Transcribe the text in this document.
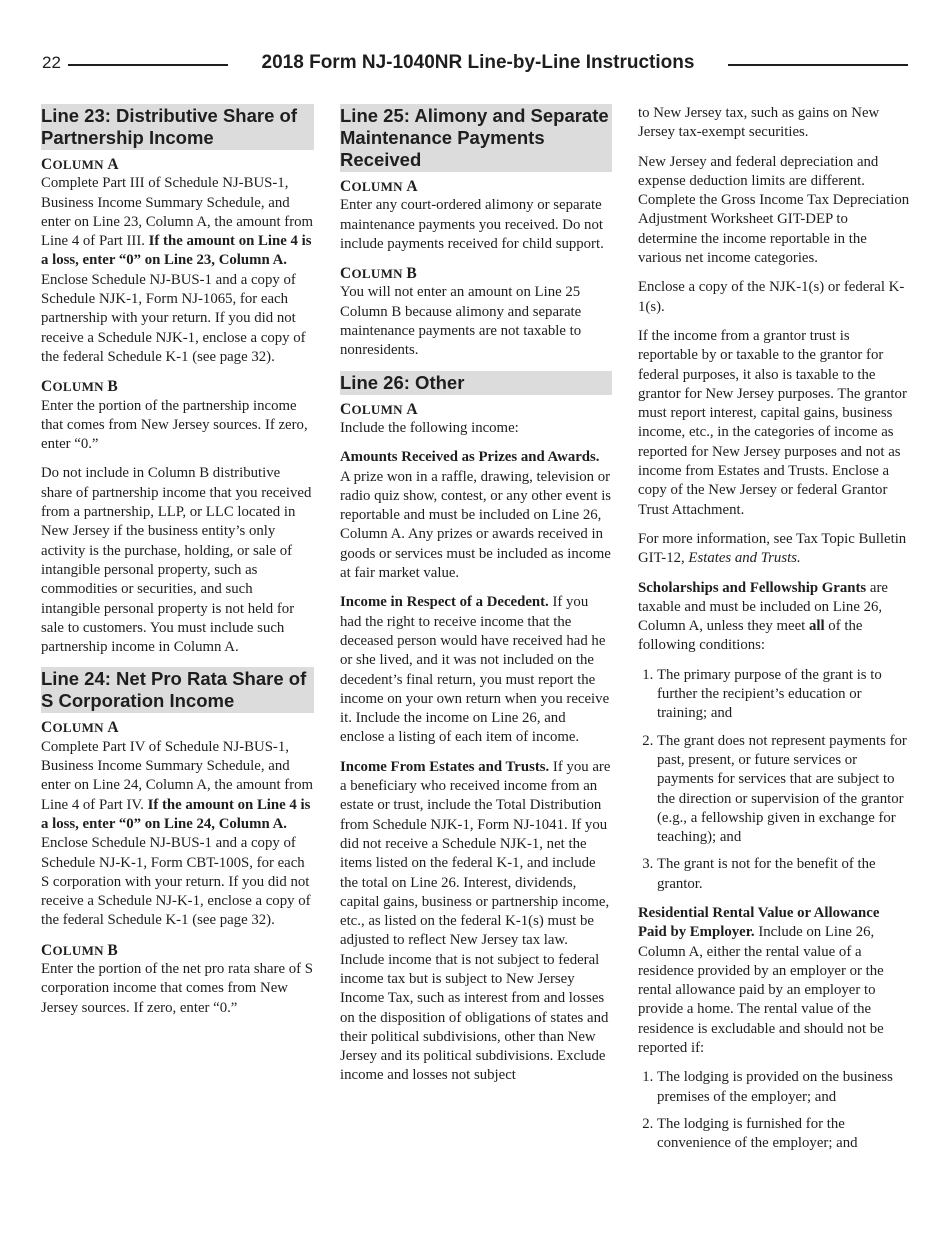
22	2018 Form NJ-1040NR Line-by-Line Instructions
Line 23: Distributive Share of Partnership Income
COLUMN A

Complete Part III of Schedule NJ-BUS-1, Business Income Summary Schedule, and enter on Line 23, Column A, the amount from Line 4 of Part III. If the amount on Line 4 is a loss, enter “0” on Line 23, Column A. Enclose Schedule NJ-BUS-1 and a copy of Schedule NJK-1, Form NJ-1065, for each partnership with your return. If you did not receive a Schedule NJK-1, enclose a copy of the federal Schedule K-1 (see page 32).

COLUMN B

Enter the portion of the partnership income that comes from New Jersey sources. If zero, enter “0.”

Do not include in Column B distributive share of partnership income that you received from a partnership, LLP, or LLC located in New Jersey if the business entity’s only activity is the purchase, holding, or sale of intangible personal property, such as commodities or securities, and such intangible personal property is not held for sale to customers. You must include such partnership income in Column A.

Line 24: Net Pro Rata Share of S Corporation Income
COLUMN A

Complete Part IV of Schedule NJ-BUS-1, Business Income Summary Schedule, and enter on Line 24, Column A, the amount from Line 4 of Part IV. If the amount on Line 4 is a loss, enter “0” on Line 24, Column A. Enclose Schedule NJ-BUS-1 and a copy of Schedule NJ-K-1, Form CBT-100S, for each S corporation with your return. If you did not receive a Schedule NJ-K-1, enclose a copy of the federal Schedule K-1 (see page 32).

COLUMN B

Enter the portion of the net pro rata share of S corporation income that comes from New Jersey sources. If zero, enter “0.”

Line 25: Alimony and Separate Maintenance Payments Received
COLUMN A

Enter any court-ordered alimony or separate maintenance payments you received. Do not include payments received for child support.

COLUMN B

You will not enter an amount on Line 25 Column B because alimony and separate maintenance payments are not taxable to nonresidents.

Line 26: Other
COLUMN A

Include the following income:

Amounts Received as Prizes and Awards. A prize won in a raffle, drawing, television or radio quiz show, contest, or any other event is reportable and must be included on Line 26, Column A. Any prizes or awards received in goods or services must be included as income at fair market value.

Income in Respect of a Decedent. If you had the right to receive income that the deceased person would have received had he or she lived, and it was not included on the decedent’s final return, you must report the income on your own return when you receive it. Include the income on Line 26, and enclose a listing of each item of income.

Income From Estates and Trusts. If you are a beneficiary who received income from an estate or trust, include the Total Distribution from Schedule NJK-1, Form NJ-1041. If you did not receive a Schedule NJK-1, net the items listed on the federal K-1, and include the total on Line 26. Interest, dividends, capital gains, business or partnership income, etc., as listed on the federal K-1(s) must be adjusted to reflect New Jersey tax law. Include income that is not subject to federal income tax but is subject to New Jersey Income Tax, such as interest from and losses on the disposition of obligations of states and their political subdivisions, other than New Jersey and its political subdivisions. Exclude income and losses not subject

to New Jersey tax, such as gains on New Jersey tax-exempt securities.

New Jersey and federal depreciation and expense deduction limits are different. Complete the Gross Income Tax Depreciation Adjustment Worksheet GIT-DEP to determine the income reportable in the various net income categories.

Enclose a copy of the NJK-1(s) or federal K-1(s).

If the income from a grantor trust is reportable by or taxable to the grantor for federal purposes, it also is taxable to the grantor for New Jersey purposes. The grantor must report interest, capital gains, business income, etc., in the categories of income as reported for New Jersey purposes and not as income from Estates and Trusts. Enclose a copy of the New Jersey or federal Grantor Trust Attachment.

For more information, see Tax Topic Bulletin GIT-12, Estates and Trusts.

Scholarships and Fellowship Grants are taxable and must be included on Line 26, Column A, unless they meet all of the following conditions:

1. The primary purpose of the grant is to further the recipient’s education or training; and
2. The grant does not represent payments for past, present, or future services or payments for services that are subject to the direction or supervision of the grantor (e.g., a fellowship given in exchange for teaching); and
3. The grant is not for the benefit of the grantor.

Residential Rental Value or Allowance Paid by Employer. Include on Line 26, Column A, either the rental value of a residence provided by an employer or the rental allowance paid by an employer to provide a home. The rental value of the residence is excludable and should not be reported if:

1. The lodging is provided on the business premises of the employer; and
2. The lodging is furnished for the convenience of the employer; and
